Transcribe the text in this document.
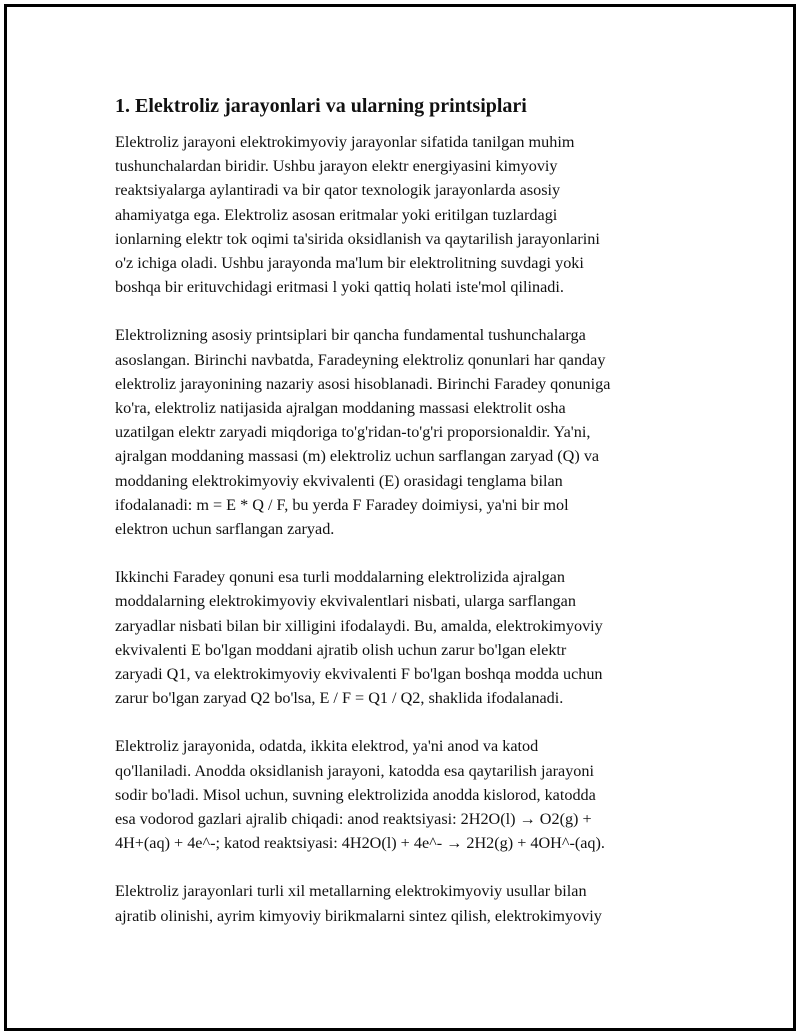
1. Elektroliz jarayonlari va ularning printsiplari

Elektroliz jarayoni elektrokimyoviy jarayonlar sifatida tanilgan muhim
tushunchalardan biridir. Ushbu jarayon elektr energiyasini kimyoviy
reaktsiyalarga aylantiradi va bir qator texnologik jarayonlarda asosiy
ahamiyatga ega. Elektroliz asosan eritmalar yoki eritilgan tuzlardagi
ionlarning elektr tok oqimi ta'sirida oksidlanish va qaytarilish jarayonlarini
o'z ichiga oladi. Ushbu jarayonda ma'lum bir elektrolitning suvdagi yoki
boshqa bir erituvchidagi eritmasi l yoki qattiq holati iste'mol qilinadi.

Elektrolizning asosiy printsiplari bir qancha fundamental tushunchalarga
asoslangan. Birinchi navbatda, Faradeyning elektroliz qonunlari har qanday
elektroliz jarayonining nazariy asosi hisoblanadi. Birinchi Faradey qonuniga
ko'ra, elektroliz natijasida ajralgan moddaning massasi elektrolit osha
uzatilgan elektr zaryadi miqdoriga to'g'ridan-to'g'ri proporsionaldir. Ya'ni,
ajralgan moddaning massasi (m) elektroliz uchun sarflangan zaryad (Q) va
moddaning elektrokimyoviy ekvivalenti (E) orasidagi tenglama bilan
ifodalanadi: m = E * Q / F, bu yerda F Faradey doimiysi, ya'ni bir mol
elektron uchun sarflangan zaryad.

Ikkinchi Faradey qonuni esa turli moddalarning elektrolizida ajralgan
moddalarning elektrokimyoviy ekvivalentlari nisbati, ularga sarflangan
zaryadlar nisbati bilan bir xilligini ifodalaydi. Bu, amalda, elektrokimyoviy
ekvivalenti E bo'lgan moddani ajratib olish uchun zarur bo'lgan elektr
zaryadi Q1, va elektrokimyoviy ekvivalenti F bo'lgan boshqa modda uchun
zarur bo'lgan zaryad Q2 bo'lsa, E / F = Q1 / Q2, shaklida ifodalanadi.

Elektroliz jarayonida, odatda, ikkita elektrod, ya'ni anod va katod
qo'llaniladi. Anodda oksidlanish jarayoni, katodda esa qaytarilish jarayoni
sodir bo'ladi. Misol uchun, suvning elektrolizida anodda kislorod, katodda
esa vodorod gazlari ajralib chiqadi: anod reaktsiyasi: 2H2O(l) → O2(g) +
4H+(aq) + 4e^-; katod reaktsiyasi: 4H2O(l) + 4e^- → 2H2(g) + 4OH^-(aq).

Elektroliz jarayonlari turli xil metallarning elektrokimyoviy usullar bilan
ajratib olinishi, ayrim kimyoviy birikmalarni sintez qilish, elektrokimyoviy
